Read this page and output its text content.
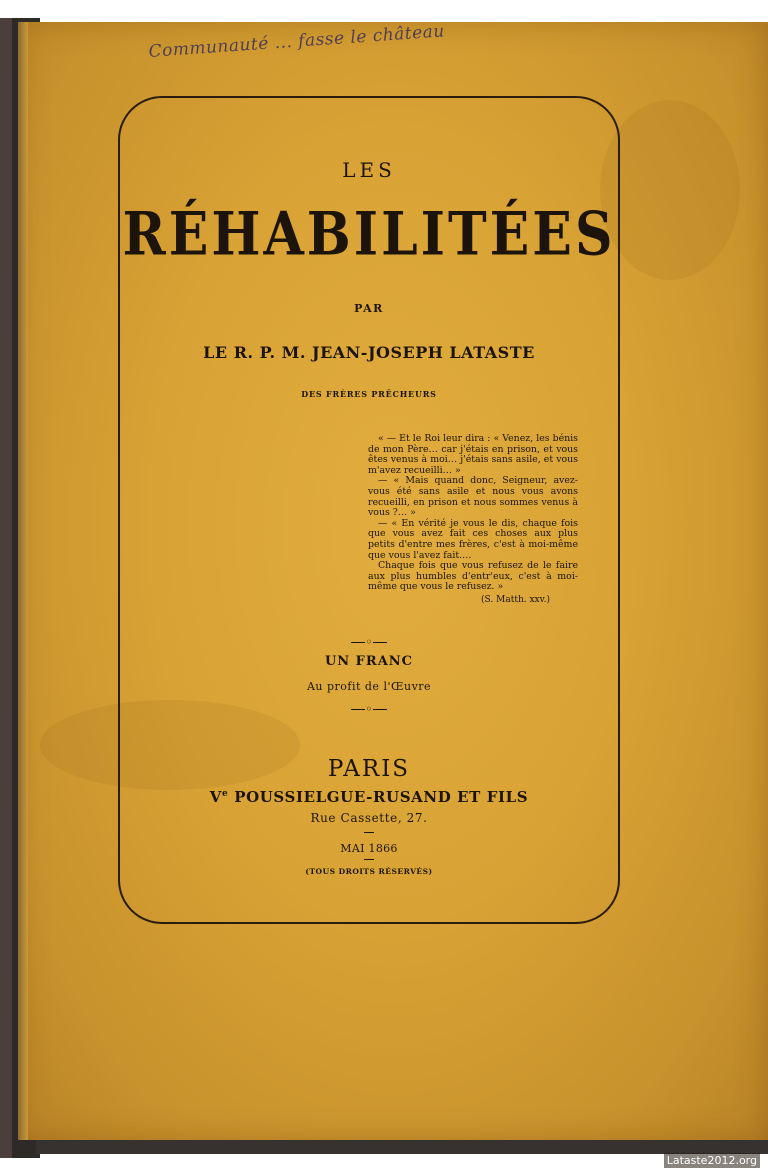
Communauté ... fasse le château
LES
RÉHABILITÉES
PAR
LE R. P. M. JEAN-JOSEPH LATASTE
DES FRÈRES PRÊCHEURS

« — Et le Roi leur dira : « Venez, les bénis de mon Père… car j'étais en prison, et vous êtes venus à moi… j'étais sans asile, et vous m'avez recueilli… »

— « Mais quand donc, Seigneur, avez-vous été sans asile et nous vous avons recueilli, en prison et nous sommes venus à vous ?… »

— « En vérité je vous le dis, chaque fois que vous avez fait ces choses aux plus petits d'entre mes frères, c'est à moi-même que vous l'avez fait.…

Chaque fois que vous refusez de le faire aux plus humbles d'entr'eux, c'est à moi-même que vous le refusez. »

(S. Matth. xxv.)
◦
UN FRANC
Au profit de l'Œuvre
◦
PARIS
Ve POUSSIELGUE-RUSAND ET FILS
Rue Cassette, 27.
MAI 1866
(TOUS DROITS RÉSERVÉS)
Lataste2012.org
